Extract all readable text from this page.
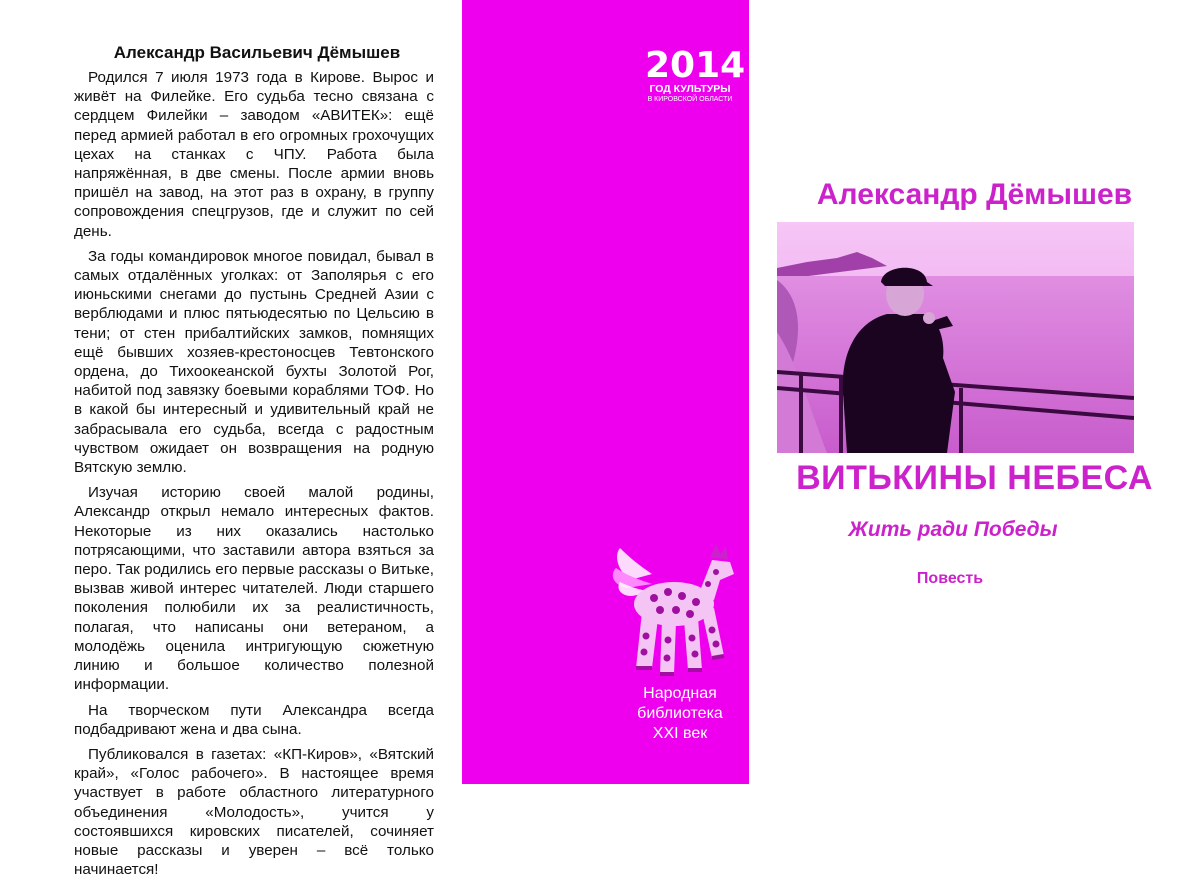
Александр Васильевич Дёмышев

Родился 7 июля 1973 года в Кирове. Вырос и живёт на Филейке. Его судьба тесно связана с сердцем Филейки – заводом «АВИТЕК»: ещё перед армией работал в его огромных грохочущих цехах на станках с ЧПУ. Работа была напряжённая, в две смены. После армии вновь пришёл на завод, на этот раз в охрану, в группу сопровождения спецгрузов, где и служит по сей день.

За годы командировок многое повидал, бывал в самых отдалённых уголках: от Заполярья с его июньскими снегами до пустынь Средней Азии с верблюдами и плюс пятьюдесятью по Цельсию в тени; от стен прибалтийских замков, помнящих ещё бывших хозяев-крестоносцев Тевтонского ордена, до Тихоокеанской бухты Золотой Рог, набитой под завязку боевыми кораблями ТОФ. Но в какой бы интересный и удивительный край не забрасывала его судьба, всегда с радостным чувством ожидает он возвращения на родную Вятскую землю.

Изучая историю своей малой родины, Александр открыл немало интересных фактов. Некоторые из них оказались настолько потрясающими, что заставили автора взяться за перо. Так родились его первые рассказы о Витьке, вызвав живой интерес читателей. Люди старшего поколения полюбили их за реалистичность, полагая, что написаны они ветераном, а молодёжь оценила интригующую сюжетную линию и большое количество полезной информации.

На творческом пути Александра всегда подбадривают жена и два сына.

Публиковался в газетах: «КП-Киров», «Вятский край», «Голос рабочего». В настоящее время участвует в работе областного литературного объединения «Молодость», учится у состоявшихся кировских писателей, сочиняет новые рассказы и уверен – всё только начинается!

2014
ГОД КУЛЬТУРЫ
В КИРОВСКОЙ ОБЛАСТИ
Народная
библиотека
XXI век
Александр Дёмышев
ВИТЬКИНЫ НЕБЕСА
Жить ради Победы
Повесть
